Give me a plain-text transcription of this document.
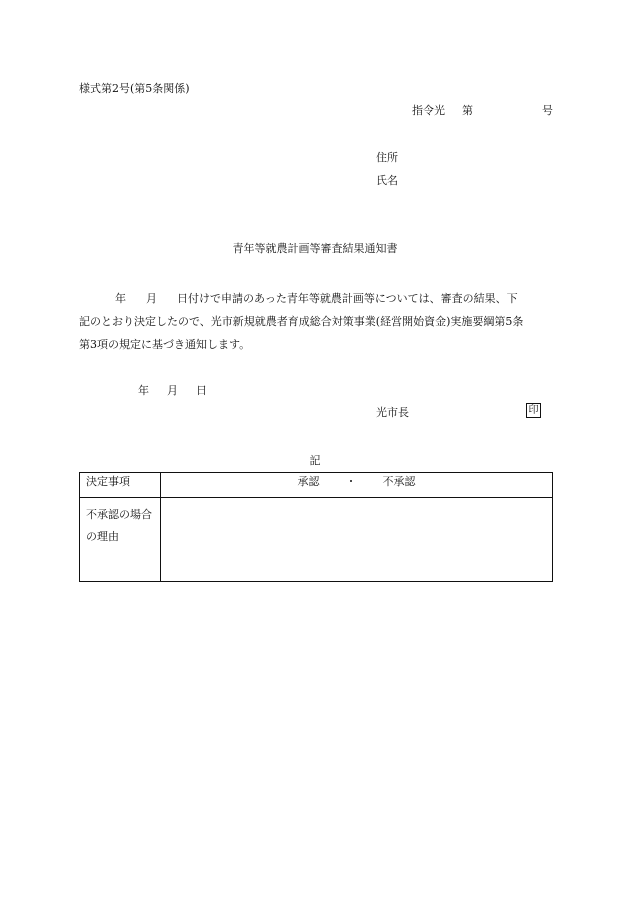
様式第2号(第5条関係)
指令光 第	号
住所
氏名
青年等就農計画等審査結果通知書

年 月 日付けで申請のあった青年等就農計画等については、審査の結果、下

記のとおり決定したので、光市新規就農者育成総合対策事業(経営開始資金)実施要綱第5条

第3項の規定に基づき通知します。

年 月 日
光市長	印
記
決定事項	承認 ・ 不承認

不承認の場合
の理由	
